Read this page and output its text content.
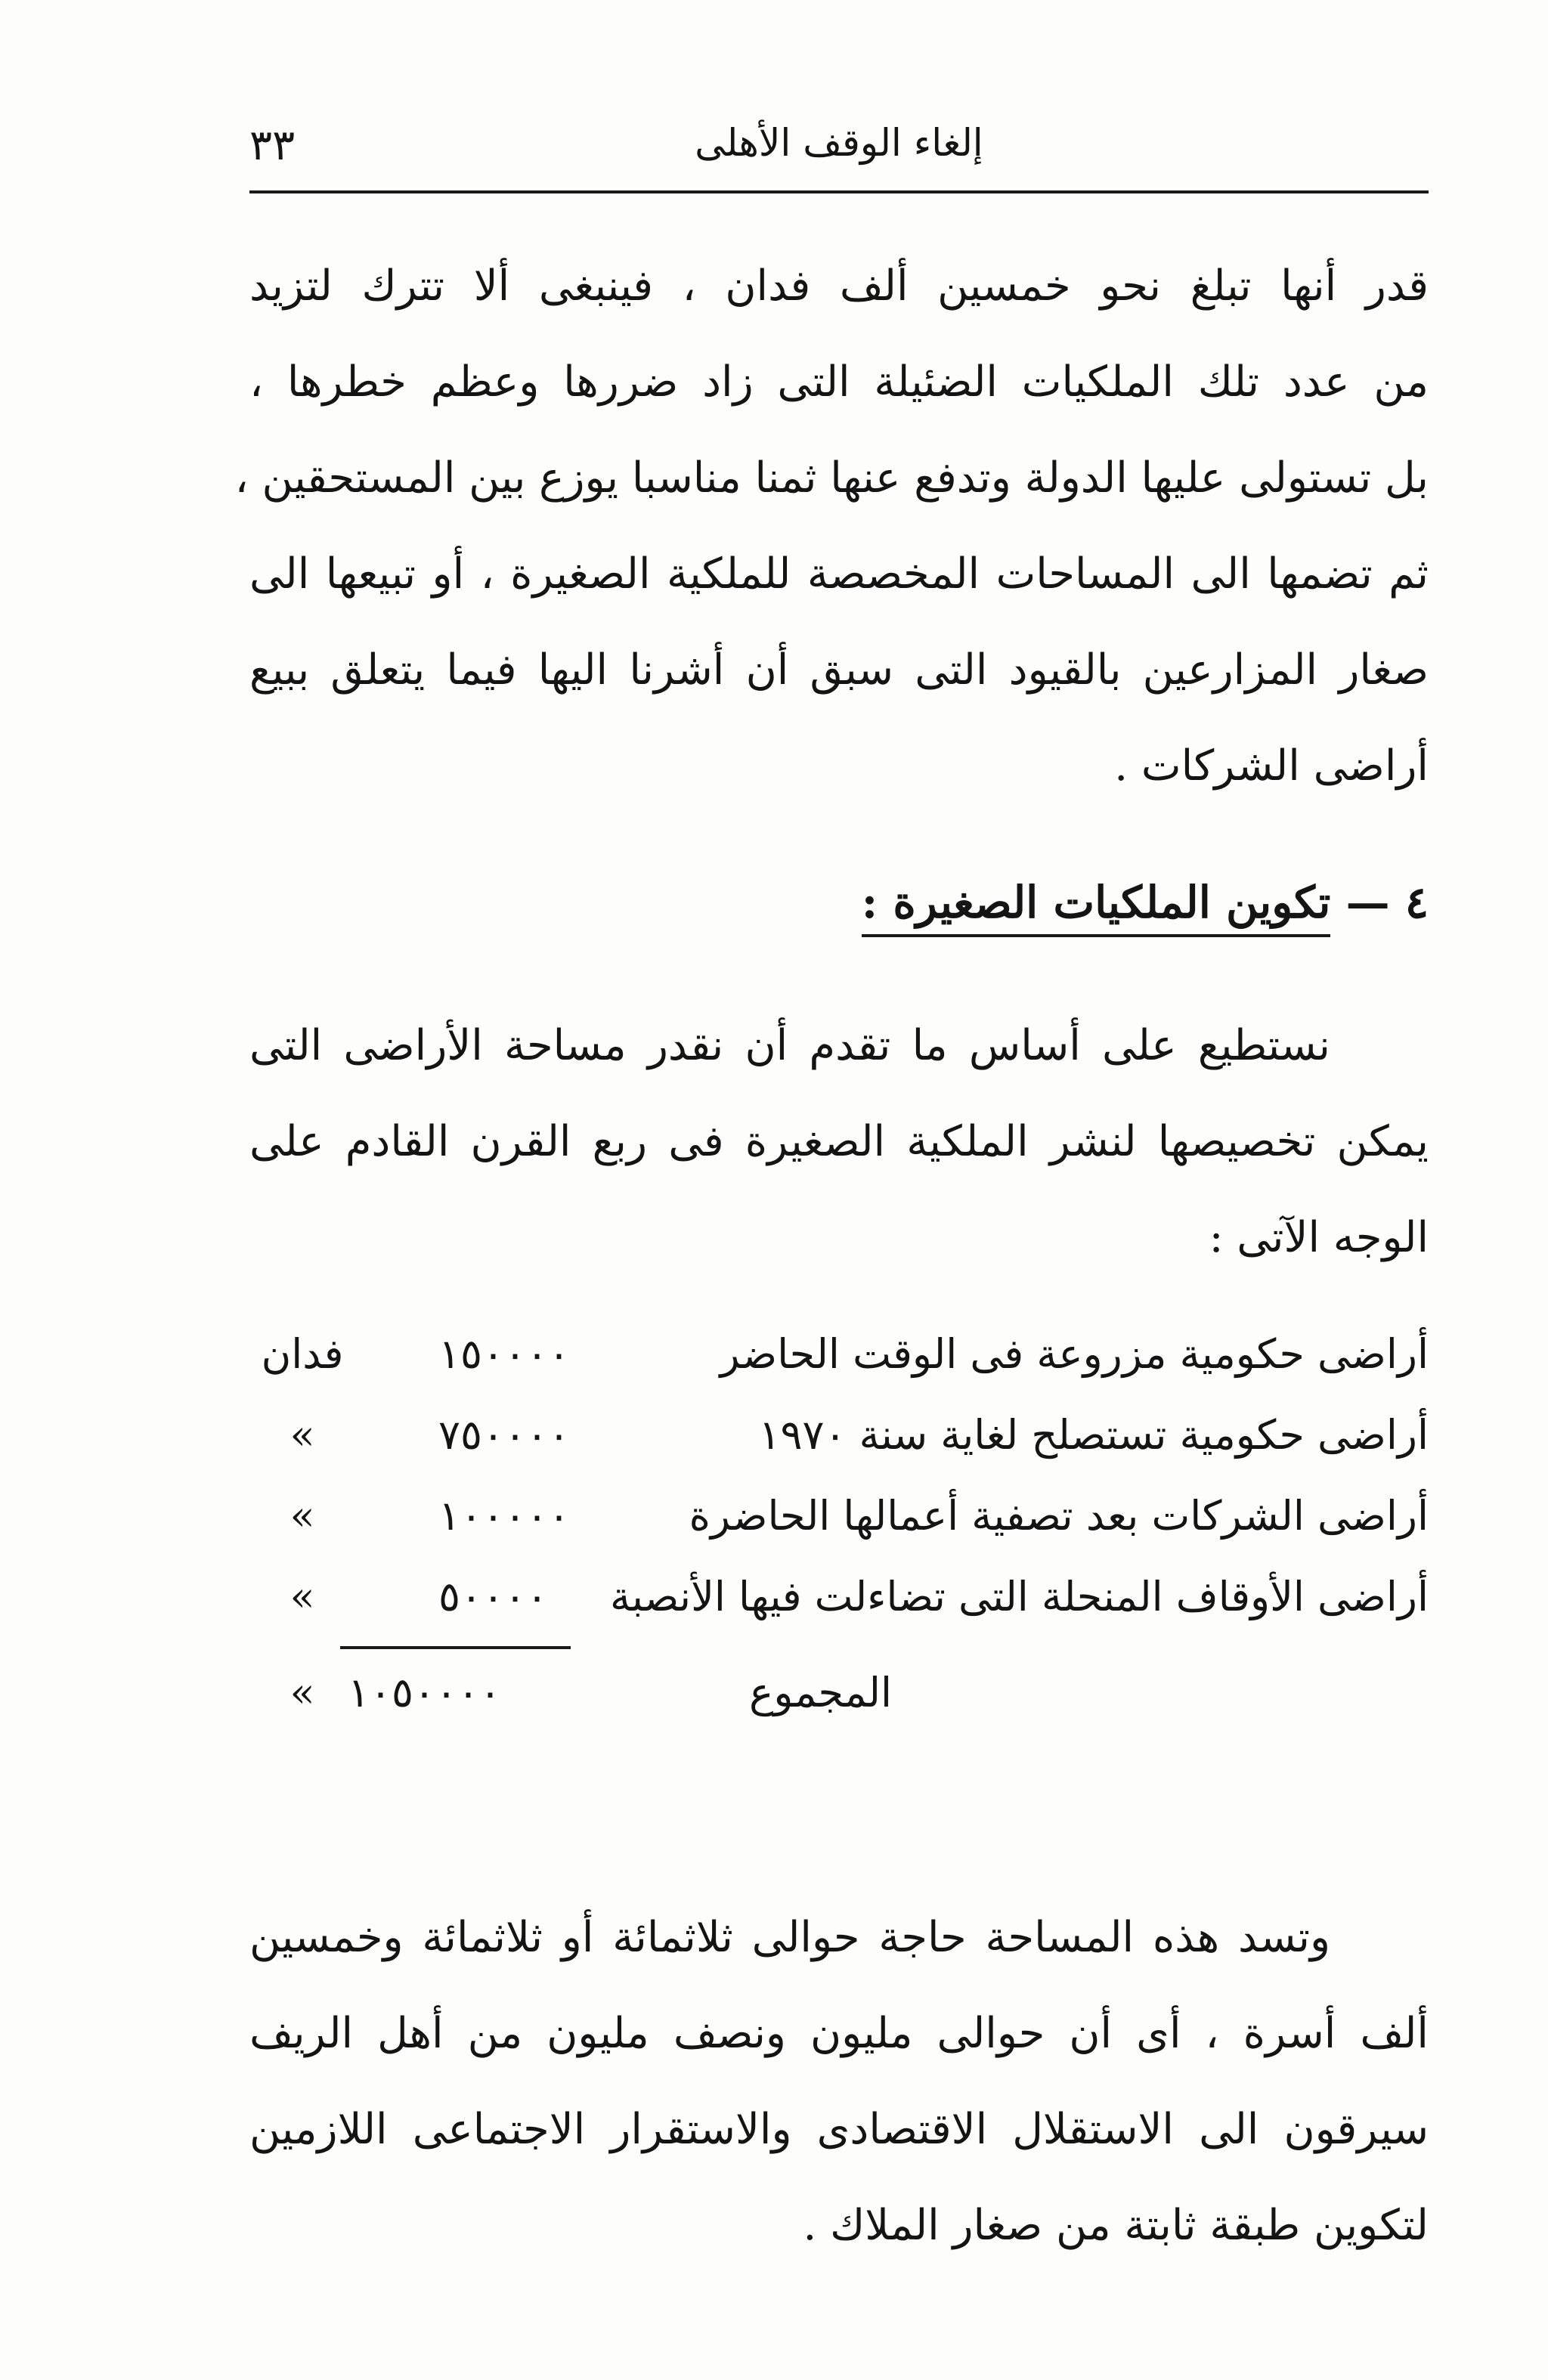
٣٣	إلغاء الوقف الأهلى
قدر أنها تبلغ نحو خمسين ألف فدان ، فينبغى ألا تترك لتزيد
من عدد تلك الملكيات الضئيلة التى زاد ضررها وعظم خطرها ،
بل تستولى عليها الدولة وتدفع عنها ثمنا مناسبا يوزع بين المستحقين ،
ثم تضمها الى المساحات المخصصة للملكية الصغيرة ، أو تبيعها الى
صغار المزارعين بالقيود التى سبق أن أشرنا اليها فيما يتعلق ببيع
أراضى الشركات .
٤ — تكوين الملكيات الصغيرة :
نستطيع على أساس ما تقدم أن نقدر مساحة الأراضى التى
يمكن تخصيصها لنشر الملكية الصغيرة فى ربع القرن القادم على
الوجه الآتى :
أراضى حكومية مزروعة فى الوقت الحاضر
١٥٠٠٠٠
فدان
أراضى حكومية تستصلح لغاية سنة ١٩٧٠
٧٥٠٠٠٠
»
أراضى الشركات بعد تصفية أعمالها الحاضرة
١٠٠٠٠٠
»
أراضى الأوقاف المنحلة التى تضاءلت فيها الأنصبة
٥٠٠٠٠
»
المجموع
١٠٥٠٠٠٠
»
وتسد هذه المساحة حاجة حوالى ثلاثمائة أو ثلاثمائة وخمسين
ألف أسرة ، أى أن حوالى مليون ونصف مليون من أهل الريف
سيرقون الى الاستقلال الاقتصادى والاستقرار الاجتماعى اللازمين
لتكوين طبقة ثابتة من صغار الملاك .
